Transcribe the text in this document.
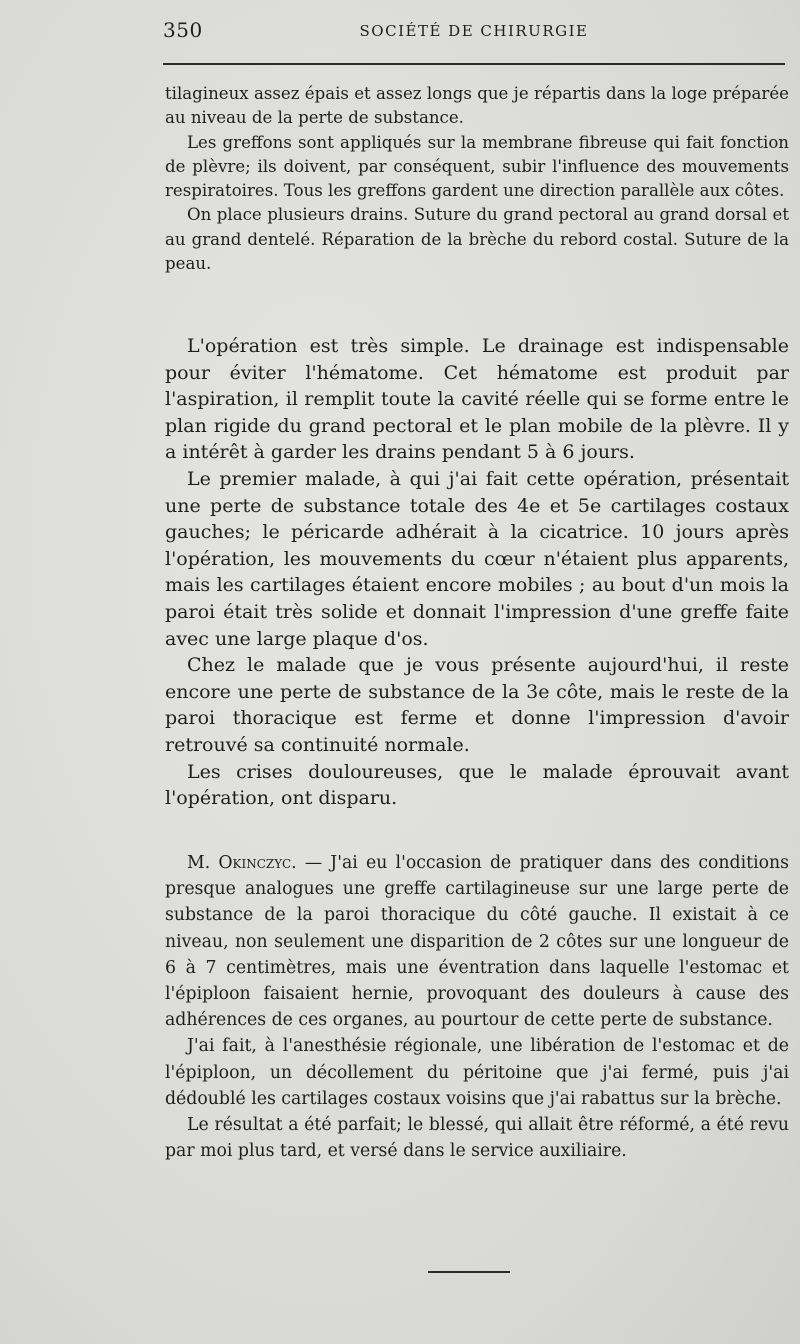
350	SOCIÉTÉ DE CHIRURGIE

tilagineux assez épais et assez longs que je répartis dans la loge préparée au niveau de la perte de substance.

Les greffons sont appliqués sur la membrane fibreuse qui fait fonction de plèvre; ils doivent, par conséquent, subir l'influence des mouvements respiratoires. Tous les greffons gardent une direction parallèle aux côtes.

On place plusieurs drains. Suture du grand pectoral au grand dorsal et au grand dentelé. Réparation de la brèche du rebord costal. Suture de la peau.

L'opération est très simple. Le drainage est indispensable pour éviter l'hématome. Cet hématome est produit par l'aspiration, il remplit toute la cavité réelle qui se forme entre le plan rigide du grand pectoral et le plan mobile de la plèvre. Il y a intérêt à garder les drains pendant 5 à 6 jours.

Le premier malade, à qui j'ai fait cette opération, présentait une perte de substance totale des 4e et 5e cartilages costaux gauches; le péricarde adhérait à la cicatrice. 10 jours après l'opération, les mouvements du cœur n'étaient plus apparents, mais les cartilages étaient encore mobiles ; au bout d'un mois la paroi était très solide et donnait l'impression d'une greffe faite avec une large plaque d'os.

Chez le malade que je vous présente aujourd'hui, il reste encore une perte de substance de la 3e côte, mais le reste de la paroi thoracique est ferme et donne l'impression d'avoir retrouvé sa continuité normale.

Les crises douloureuses, que le malade éprouvait avant l'opération, ont disparu.

M. Okinczyc. — J'ai eu l'occasion de pratiquer dans des conditions presque analogues une greffe cartilagineuse sur une large perte de substance de la paroi thoracique du côté gauche. Il existait à ce niveau, non seulement une disparition de 2 côtes sur une longueur de 6 à 7 centimètres, mais une éventration dans laquelle l'estomac et l'épiploon faisaient hernie, provoquant des douleurs à cause des adhérences de ces organes, au pourtour de cette perte de substance.

J'ai fait, à l'anesthésie régionale, une libération de l'estomac et de l'épiploon, un décollement du péritoine que j'ai fermé, puis j'ai dédoublé les cartilages costaux voisins que j'ai rabattus sur la brèche.

Le résultat a été parfait; le blessé, qui allait être réformé, a été revu par moi plus tard, et versé dans le service auxiliaire.
